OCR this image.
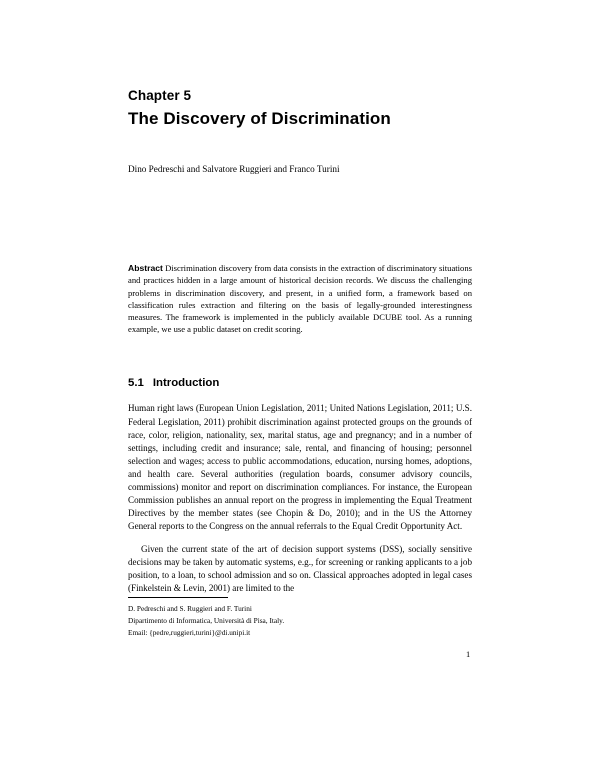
Chapter 5
The Discovery of Discrimination
Dino Pedreschi and Salvatore Ruggieri and Franco Turini
Abstract Discrimination discovery from data consists in the extraction of discriminatory situations and practices hidden in a large amount of historical decision records. We discuss the challenging problems in discrimination discovery, and present, in a unified form, a framework based on classification rules extraction and filtering on the basis of legally-grounded interestingness measures. The framework is implemented in the publicly available DCUBE tool. As a running example, we use a public dataset on credit scoring.
5.1 Introduction

Human right laws (European Union Legislation, 2011; United Nations Legislation, 2011; U.S. Federal Legislation, 2011) prohibit discrimination against protected groups on the grounds of race, color, religion, nationality, sex, marital status, age and pregnancy; and in a number of settings, including credit and insurance; sale, rental, and financing of housing; personnel selection and wages; access to public accommodations, education, nursing homes, adoptions, and health care. Several authorities (regulation boards, consumer advisory councils, commissions) monitor and report on discrimination compliances. For instance, the European Commission publishes an annual report on the progress in implementing the Equal Treatment Directives by the member states (see Chopin & Do, 2010); and in the US the Attorney General reports to the Congress on the annual referrals to the Equal Credit Opportunity Act.

Given the current state of the art of decision support systems (DSS), socially sensitive decisions may be taken by automatic systems, e.g., for screening or ranking applicants to a job position, to a loan, to school admission and so on. Classical approaches adopted in legal cases (Finkelstein & Levin, 2001) are limited to the

D. Pedreschi and S. Ruggieri and F. Turini
Dipartimento di Informatica, Università di Pisa, Italy.
Email: {pedre,ruggieri,turini}@di.unipi.it
1
